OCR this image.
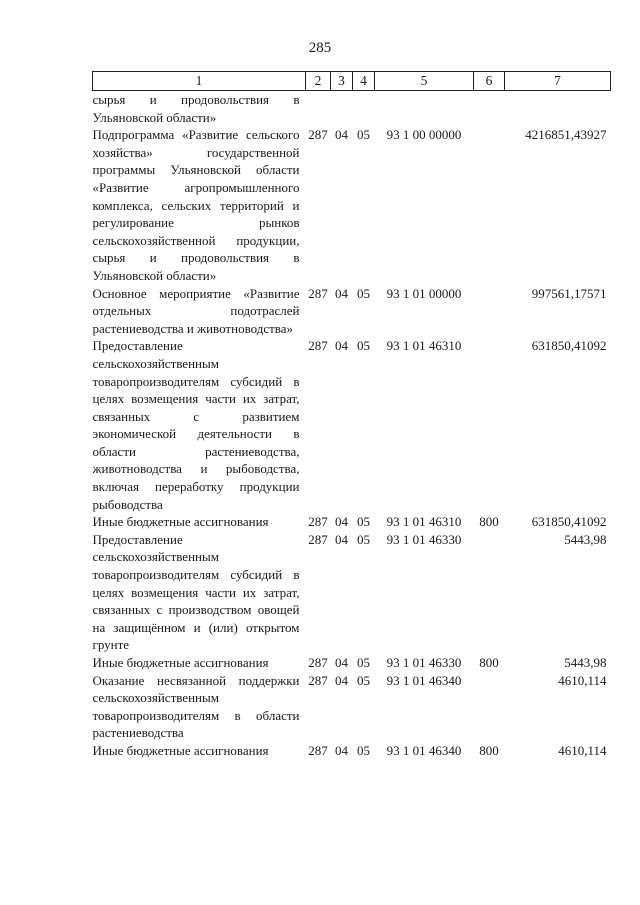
285
1	2	3	4	5	6	7
сырья и продовольствия в Ульяновской области»						
Подпрограмма «Развитие сельского хозяйства» государственной программы Ульяновской области «Развитие агропромышленного комплекса, сельских территорий и регулирование рынков сельскохозяйственной продукции, сырья и продовольствия в Ульяновской области»	287	04	05	93 1 00 00000		4216851,43927
Основное мероприятие «Развитие отдельных подотраслей растениеводства и животноводства»	287	04	05	93 1 01 00000		997561,17571
Предоставление сельскохозяйственным товаропроизводителям субсидий в целях возмещения части их затрат, связанных с развитием экономической деятельности в области растениеводства, животноводства и рыбоводства, включая переработку продукции рыбоводства	287	04	05	93 1 01 46310		631850,41092
Иные бюджетные ассигнования	287	04	05	93 1 01 46310	800	631850,41092
Предоставление сельскохозяйственным товаропроизводителям субсидий в целях возмещения части их затрат, связанных с производством овощей на защищённом и (или) открытом грунте	287	04	05	93 1 01 46330		5443,98
Иные бюджетные ассигнования	287	04	05	93 1 01 46330	800	5443,98
Оказание несвязанной поддержки сельскохозяйственным товаропроизводителям в области растениеводства	287	04	05	93 1 01 46340		4610,114
Иные бюджетные ассигнования	287	04	05	93 1 01 46340	800	4610,114
